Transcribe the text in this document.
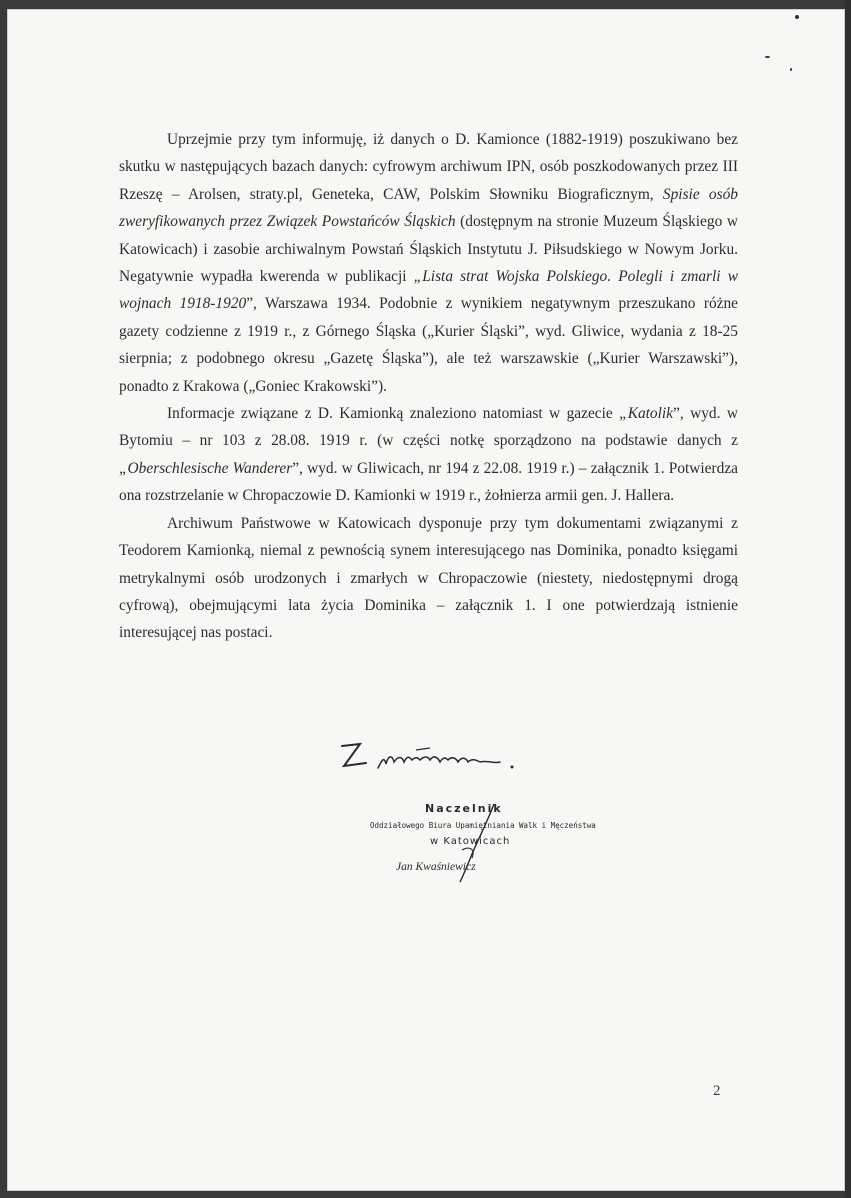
Uprzejmie przy tym informuję, iż danych o D. Kamionce (1882-1919) poszukiwano bez skutku w następujących bazach danych: cyfrowym archiwum IPN, osób poszkodowanych przez III Rzeszę – Arolsen, straty.pl, Geneteka, CAW, Polskim Słowniku Biograficznym, Spisie osób zweryfikowanych przez Związek Powstańców Śląskich (dostępnym na stronie Muzeum Śląskiego w Katowicach) i zasobie archiwalnym Powstań Śląskich Instytutu J. Piłsudskiego w Nowym Jorku. Negatywnie wypadła kwerenda w publikacji „Lista strat Wojska Polskiego. Polegli i zmarli w wojnach 1918-1920”, Warszawa 1934. Podobnie z wynikiem negatywnym przeszukano różne gazety codzienne z 1919 r., z Górnego Śląska („Kurier Śląski”, wyd. Gliwice, wydania z 18-25 sierpnia; z podobnego okresu „Gazetę Śląska”), ale też warszawskie („Kurier Warszawski”), ponadto z Krakowa („Goniec Krakowski”).

Informacje związane z D. Kamionką znaleziono natomiast w gazecie „Katolik”, wyd. w Bytomiu – nr 103 z 28.08. 1919 r. (w części notkę sporządzono na podstawie danych z „Oberschlesische Wanderer”, wyd. w Gliwicach, nr 194 z 22.08. 1919 r.) – załącznik 1. Potwierdza ona rozstrzelanie w Chropaczowie D. Kamionki w 1919 r., żołnierza armii gen. J. Hallera.

Archiwum Państwowe w Katowicach dysponuje przy tym dokumentami związanymi z Teodorem Kamionką, niemal z pewnością synem interesującego nas Dominika, ponadto księgami metrykalnymi osób urodzonych i zmarłych w Chropaczowie (niestety, niedostępnymi drogą cyfrową), obejmującymi lata życia Dominika – załącznik 1. I one potwierdzają istnienie interesującej nas postaci.

Naczelnik
Oddziałowego Biura Upamiętniania Walk i Męczeństwa
w Katowicach
Jan Kwaśniewicz
2
